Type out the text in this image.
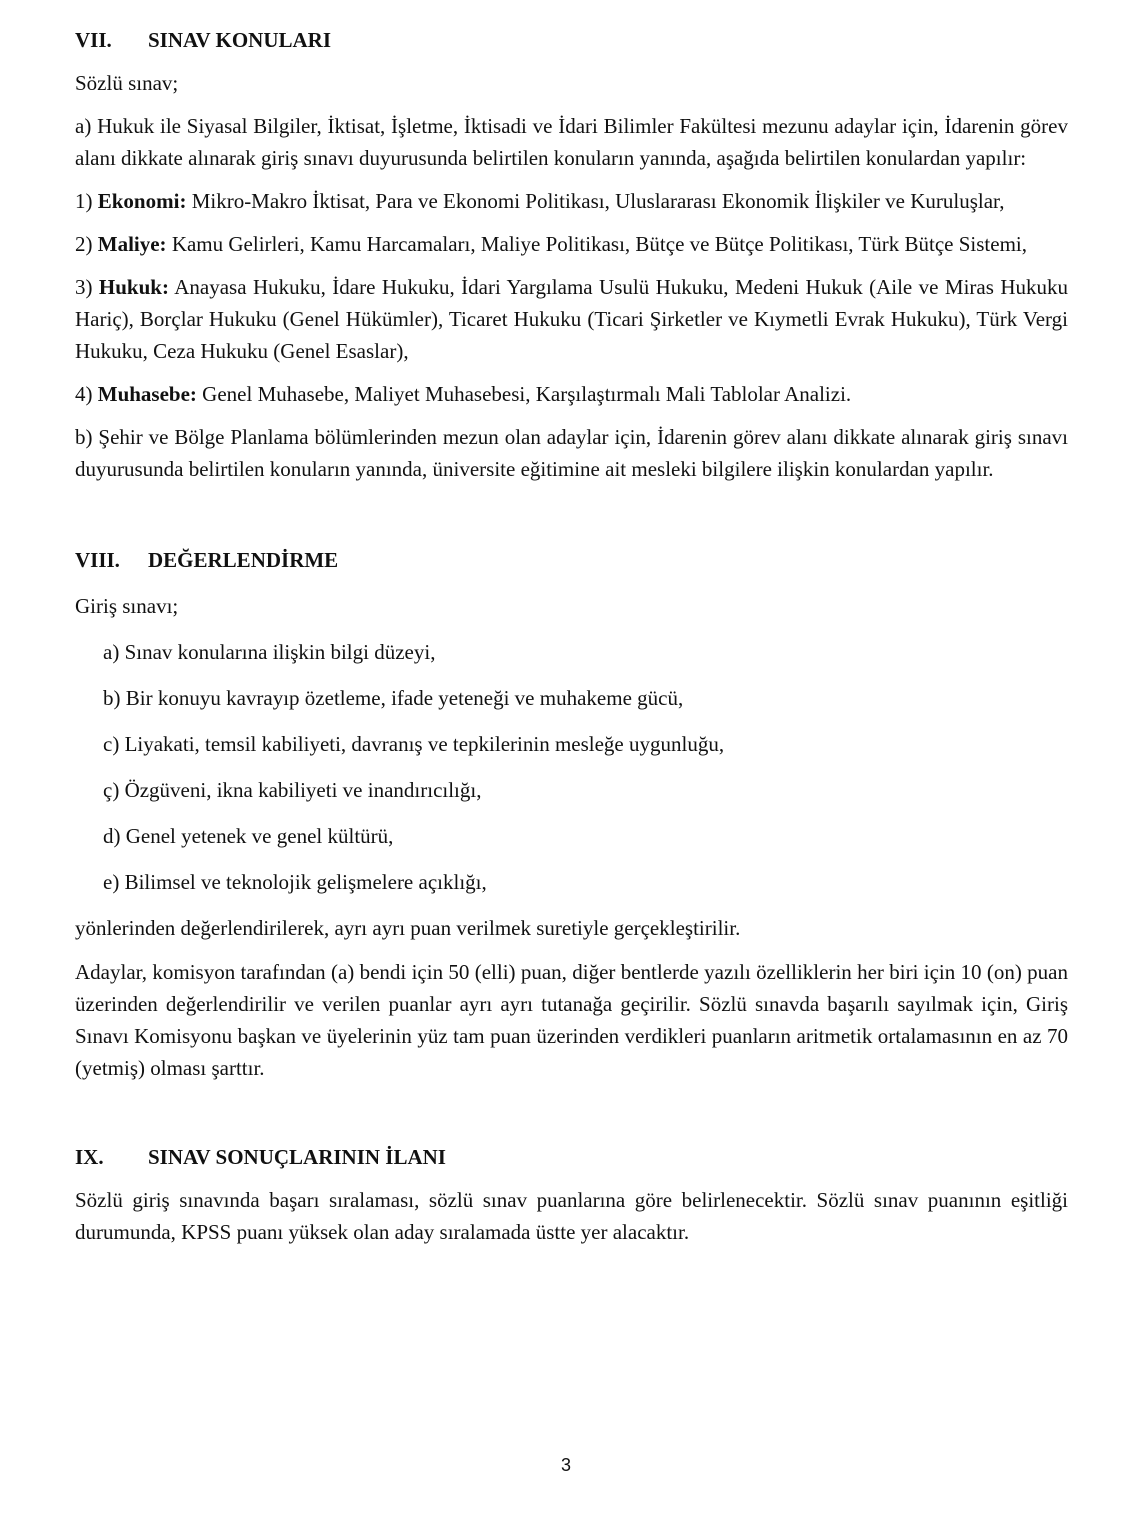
VII.	SINAV KONULARI

Sözlü sınav;

a) Hukuk ile Siyasal Bilgiler, İktisat, İşletme, İktisadi ve İdari Bilimler Fakültesi mezunu adaylar için, İdarenin görev alanı dikkate alınarak giriş sınavı duyurusunda belirtilen konuların yanında, aşağıda belirtilen konulardan yapılır:

1) Ekonomi: Mikro-Makro İktisat, Para ve Ekonomi Politikası, Uluslararası Ekonomik İlişkiler ve Kuruluşlar,

2) Maliye: Kamu Gelirleri, Kamu Harcamaları, Maliye Politikası, Bütçe ve Bütçe Politikası, Türk Bütçe Sistemi,

3) Hukuk: Anayasa Hukuku, İdare Hukuku, İdari Yargılama Usulü Hukuku, Medeni Hukuk (Aile ve Miras Hukuku Hariç), Borçlar Hukuku (Genel Hükümler), Ticaret Hukuku (Ticari Şirketler ve Kıymetli Evrak Hukuku), Türk Vergi Hukuku, Ceza Hukuku (Genel Esaslar),

4) Muhasebe: Genel Muhasebe, Maliyet Muhasebesi, Karşılaştırmalı Mali Tablolar Analizi.

b) Şehir ve Bölge Planlama bölümlerinden mezun olan adaylar için, İdarenin görev alanı dikkate alınarak giriş sınavı duyurusunda belirtilen konuların yanında, üniversite eğitimine ait mesleki bilgilere ilişkin konulardan yapılır.

VIII.	DEĞERLENDİRME

Giriş sınavı;

a) Sınav konularına ilişkin bilgi düzeyi,

b) Bir konuyu kavrayıp özetleme, ifade yeteneği ve muhakeme gücü,

c) Liyakati, temsil kabiliyeti, davranış ve tepkilerinin mesleğe uygunluğu,

ç) Özgüveni, ikna kabiliyeti ve inandırıcılığı,

d) Genel yetenek ve genel kültürü,

e) Bilimsel ve teknolojik gelişmelere açıklığı,

yönlerinden değerlendirilerek, ayrı ayrı puan verilmek suretiyle gerçekleştirilir.

Adaylar, komisyon tarafından (a) bendi için 50 (elli) puan, diğer bentlerde yazılı özelliklerin her biri için 10 (on) puan üzerinden değerlendirilir ve verilen puanlar ayrı ayrı tutanağa geçirilir. Sözlü sınavda başarılı sayılmak için, Giriş Sınavı Komisyonu başkan ve üyelerinin yüz tam puan üzerinden verdikleri puanların aritmetik ortalamasının en az 70 (yetmiş) olması şarttır.

IX.	SINAV SONUÇLARININ İLANI

Sözlü giriş sınavında başarı sıralaması, sözlü sınav puanlarına göre belirlenecektir. Sözlü sınav puanının eşitliği durumunda, KPSS puanı yüksek olan aday sıralamada üstte yer alacaktır.

3
